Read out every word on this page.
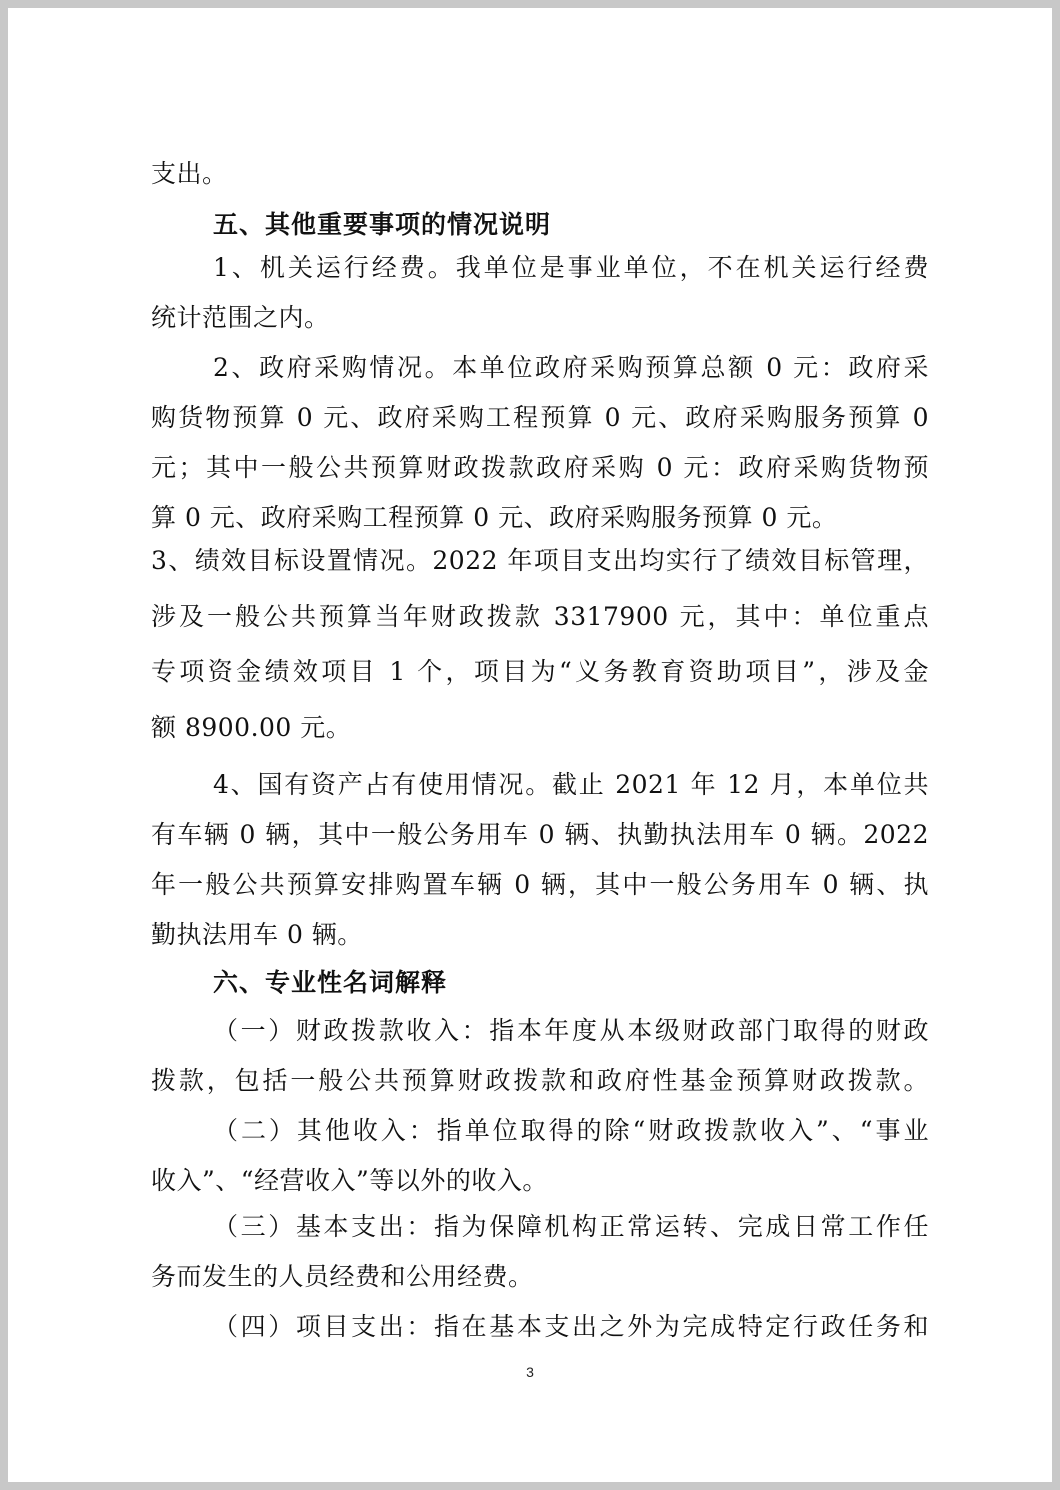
支出。
五、其他重要事项的情况说明
1、机关运行经费。我单位是事业单位，不在机关运行经费
统计范围之内。
2、政府采购情况。本单位政府采购预算总额 0 元：政府采
购货物预算 0 元、政府采购工程预算 0 元、政府采购服务预算 0
元；其中一般公共预算财政拨款政府采购 0 元：政府采购货物预
算 0 元、政府采购工程预算 0 元、政府采购服务预算 0 元。
3、绩效目标设置情况。2022 年项目支出均实行了绩效目标管理，
涉及一般公共预算当年财政拨款 3317900 元，其中：单位重点
专项资金绩效项目 1 个，项目为“义务教育资助项目”，涉及金
额 8900.00 元。
4、国有资产占有使用情况。截止 2021 年 12 月，本单位共
有车辆 0 辆，其中一般公务用车 0 辆、执勤执法用车 0 辆。2022
年一般公共预算安排购置车辆 0 辆，其中一般公务用车 0 辆、执
勤执法用车 0 辆。
六、专业性名词解释
（一）财政拨款收入：指本年度从本级财政部门取得的财政
拨款，包括一般公共预算财政拨款和政府性基金预算财政拨款。
（二）其他收入：指单位取得的除“财政拨款收入”、“事业
收入”、“经营收入”等以外的收入。
（三）基本支出：指为保障机构正常运转、完成日常工作任
务而发生的人员经费和公用经费。
（四）项目支出：指在基本支出之外为完成特定行政任务和
3
